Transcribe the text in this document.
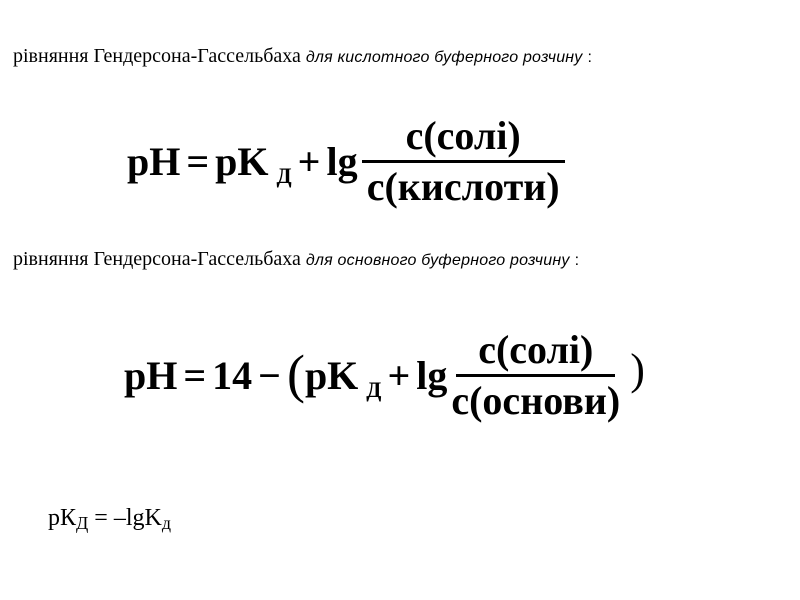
рівняння Гендерсона-Гассельбаха для кислотного буферного розчину :
pH = pK $Д + \lg \frac{\text{с(солі)}}{\text{с(кислоти)}}$
рівняння Гендерсона-Гассельбаха для основного буферного розчину :
pH = 14 − ( pK $Д + \lg \frac{\text{с(солі)}}{\text{с(основи)}}$ )
pКД = –lgKд
